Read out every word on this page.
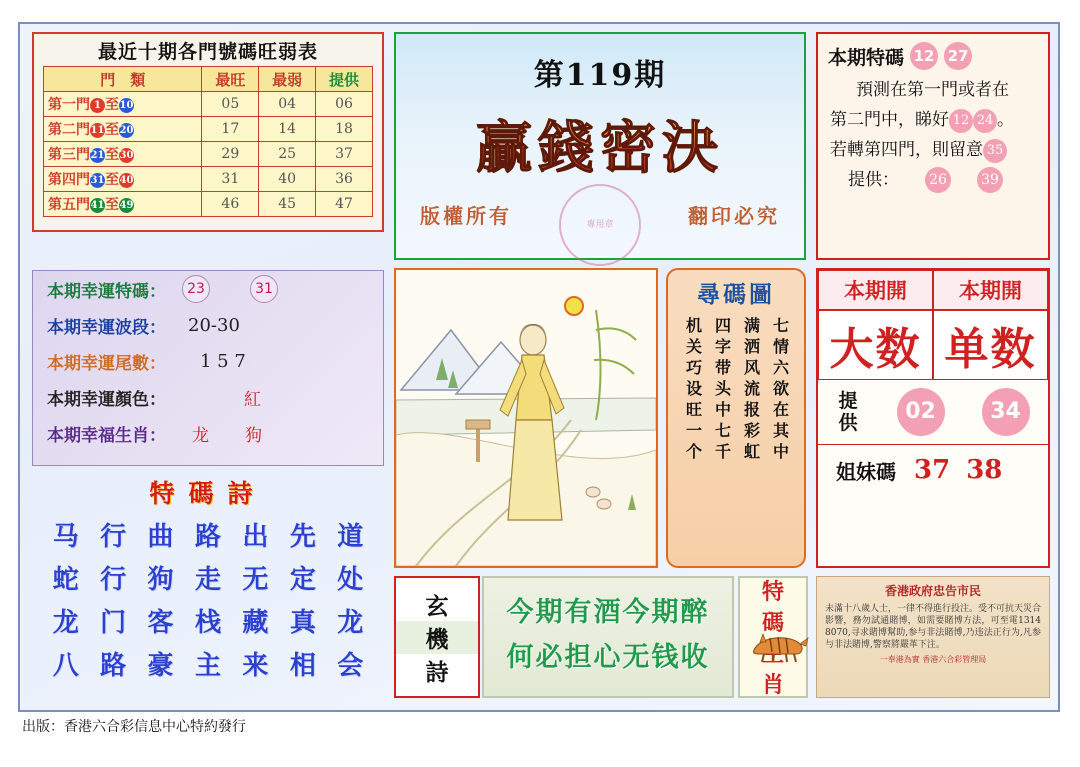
最近十期各門號碼旺弱表
門　類	最旺	最弱	提供
第一門 1 至10	05	04	06
第二門11至20	17	14	18
第三門21至30	29	25	37
第四門31至40	31	40	36
第五門41至49	46	45	47
本期幸運特碼：	23	31
本期幸運波段： 20-30
本期幸運尾數： 1 5 7
本期幸運顏色：	紅
本期幸福生肖： 龙 狗
特碼詩
马 行 曲 路 出 先 道
蛇 行 狗 走 无 定 处
龙 门 客 栈 藏 真 龙
八 路 豪 主 来 相 会
第119期
贏錢密決
版權所有	翻印必究
專用章
尋碼圖
七情六欲在其中
满洒风流报彩虹
四字带头中七千
机关巧设旺一个
玄
機
詩
今期有酒今期醉
何必担心无钱收
特
碼
肖
本期特碼 12 27
預測在第一門或者在
第二門中，睇好 12 24 。
若轉第四門，則留意 35
提供： 26 39
本期開	本期開
大数 单数
提
供	02	34
姐妹碼 37 38
香港政府忠告市民
未滿十八歲人士，一律不得進行投注。受不可抗天災合影響，務勿試通賭博，如需要賭博方法，可至電1314 8070,寻求賭博幫助,参与非法賭博,乃违法正行为,凡参与非法賭博,警察將嚴革下注。
一奉港為實 香港六合彩管理局
出版：香港六合彩信息中心特約發行
